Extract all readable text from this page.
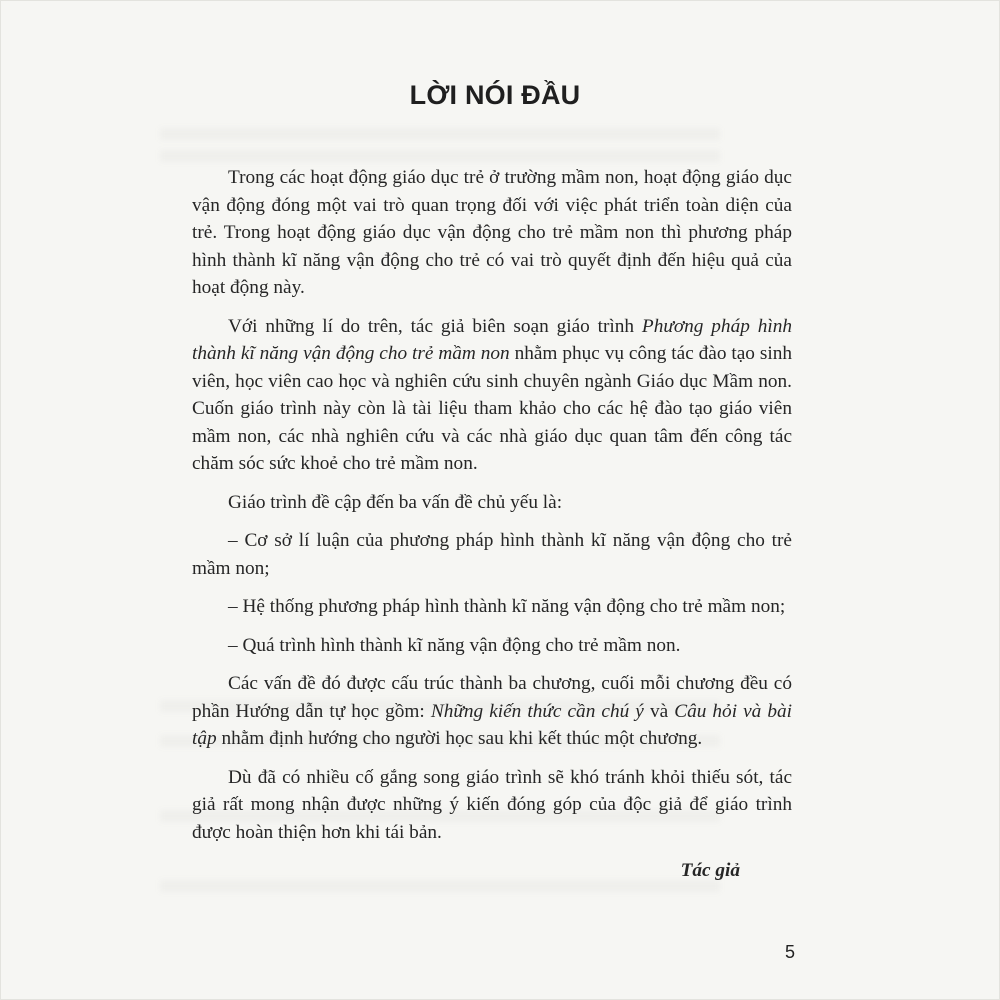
LỜI NÓI ĐẦU

Trong các hoạt động giáo dục trẻ ở trường mầm non, hoạt động giáo dục vận động đóng một vai trò quan trọng đối với việc phát triển toàn diện của trẻ. Trong hoạt động giáo dục vận động cho trẻ mầm non thì phương pháp hình thành kĩ năng vận động cho trẻ có vai trò quyết định đến hiệu quả của hoạt động này.

Với những lí do trên, tác giả biên soạn giáo trình Phương pháp hình thành kĩ năng vận động cho trẻ mầm non nhằm phục vụ công tác đào tạo sinh viên, học viên cao học và nghiên cứu sinh chuyên ngành Giáo dục Mầm non. Cuốn giáo trình này còn là tài liệu tham khảo cho các hệ đào tạo giáo viên mầm non, các nhà nghiên cứu và các nhà giáo dục quan tâm đến công tác chăm sóc sức khoẻ cho trẻ mầm non.

Giáo trình đề cập đến ba vấn đề chủ yếu là:

– Cơ sở lí luận của phương pháp hình thành kĩ năng vận động cho trẻ mầm non;

– Hệ thống phương pháp hình thành kĩ năng vận động cho trẻ mầm non;

– Quá trình hình thành kĩ năng vận động cho trẻ mầm non.

Các vấn đề đó được cấu trúc thành ba chương, cuối mỗi chương đều có phần Hướng dẫn tự học gồm: Những kiến thức cần chú ý và Câu hỏi và bài tập nhằm định hướng cho người học sau khi kết thúc một chương.

Dù đã có nhiều cố gắng song giáo trình sẽ khó tránh khỏi thiếu sót, tác giả rất mong nhận được những ý kiến đóng góp của độc giả để giáo trình được hoàn thiện hơn khi tái bản.

Tác giả

5
